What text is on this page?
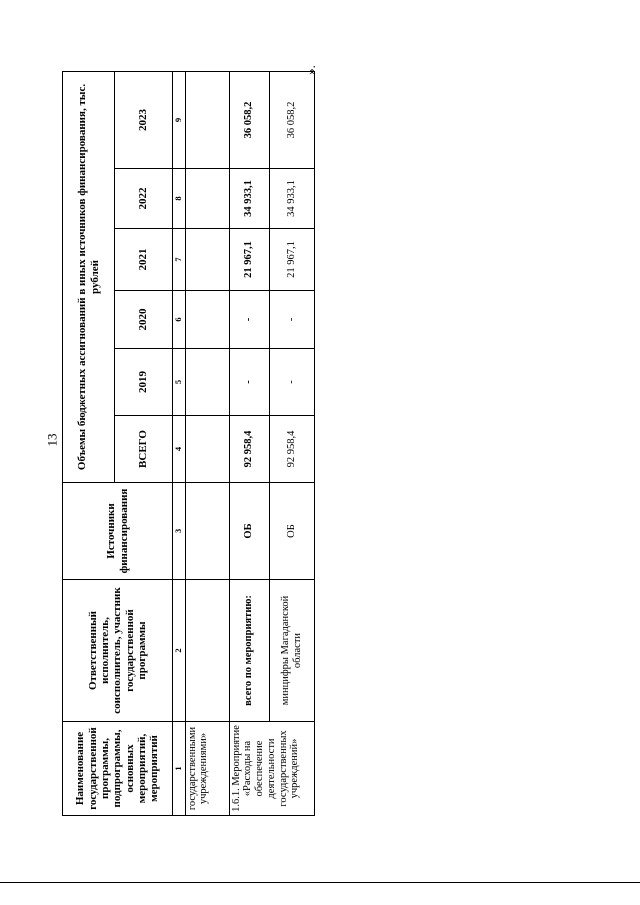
13
».
Наименование государственной программы, подпрограммы, основных мероприятий, мероприятий	Ответственный исполнитель, соисполнитель, участник государственной программы	Источники финансирования	Объемы бюджетных ассигнований в иных источников финансирования, тыс. рублей					
			ВСЕГО	2019	2020	2021	2022	2023
1	2	3	4	5	6	7	8	9
государственными учреждениями»								
1.6.1. Мероприятие «Расходы на обеспечение деятельности государственных учреждений»	всего по мероприятию:	ОБ	92 958,4	-	-	21 967,1	34 933,1	36 058,2
	минцифры Магаданской области	ОБ	92 958,4	-	-	21 967,1	34 933,1	36 058,2
